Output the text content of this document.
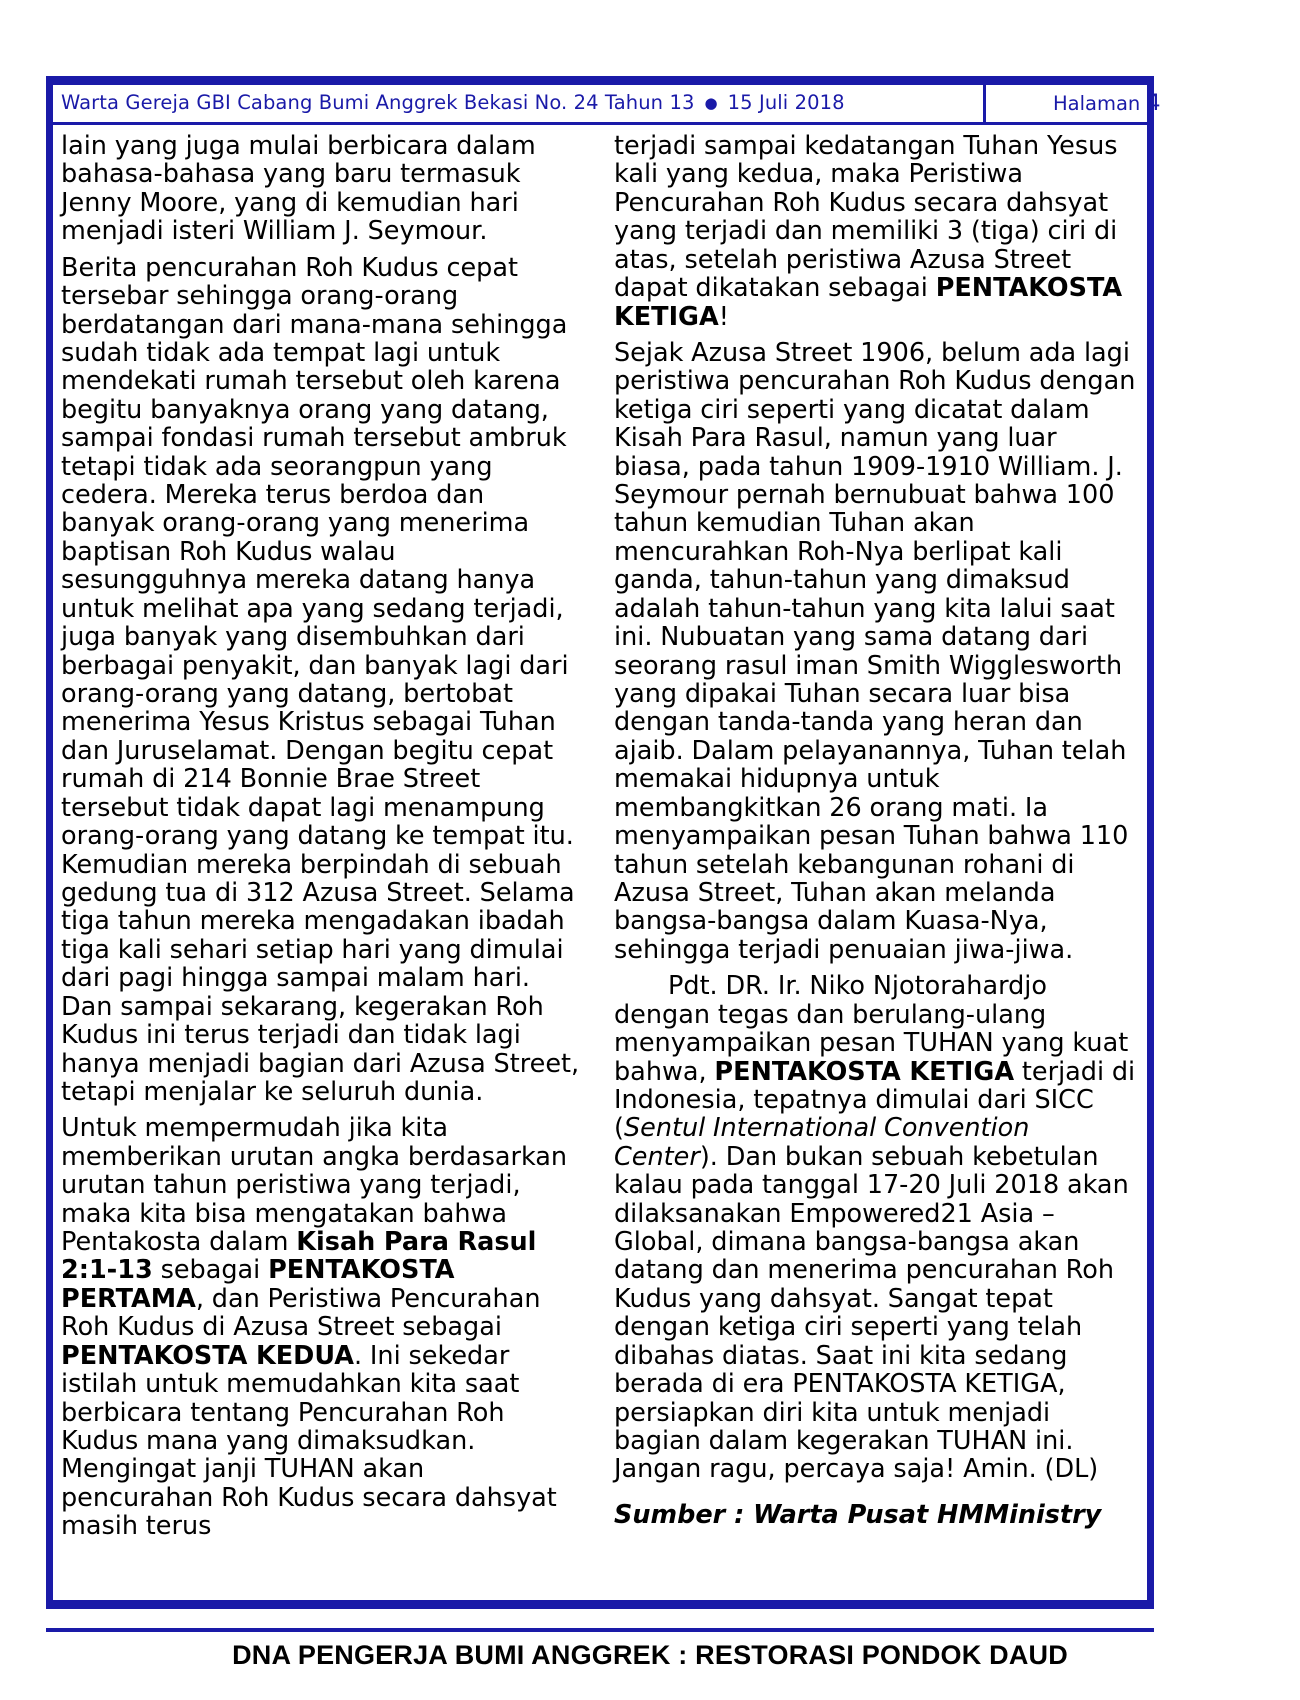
Warta Gereja GBI Cabang Bumi Anggrek Bekasi No. 24 Tahun 13 ● 15 Juli 2018	Halaman 4

lain yang juga mulai berbicara dalam bahasa-bahasa yang baru termasuk Jenny Moore, yang di kemudian hari menjadi isteri William J. Seymour.

Berita pencurahan Roh Kudus cepat tersebar sehingga orang-orang berdatangan dari mana-mana sehingga sudah tidak ada tempat lagi untuk mendekati rumah tersebut oleh karena begitu banyaknya orang yang datang, sampai fondasi rumah tersebut ambruk tetapi tidak ada seorangpun yang cedera. Mereka terus berdoa dan banyak orang-orang yang menerima baptisan Roh Kudus walau sesungguhnya mereka datang hanya untuk melihat apa yang sedang terjadi, juga banyak yang disembuhkan dari berbagai penyakit, dan banyak lagi dari orang-orang yang datang, bertobat menerima Yesus Kristus sebagai Tuhan dan Juruselamat. Dengan begitu cepat rumah di 214 Bonnie Brae Street tersebut tidak dapat lagi menampung orang-orang yang datang ke tempat itu. Kemudian mereka berpindah di sebuah gedung tua di 312 Azusa Street. Selama tiga tahun mereka mengadakan ibadah tiga kali sehari setiap hari yang dimulai dari pagi hingga sampai malam hari. Dan sampai sekarang, kegerakan Roh Kudus ini terus terjadi dan tidak lagi hanya menjadi bagian dari Azusa Street, tetapi menjalar ke seluruh dunia.

Untuk mempermudah jika kita memberikan urutan angka berdasarkan urutan tahun peristiwa yang terjadi, maka kita bisa mengatakan bahwa Pentakosta dalam Kisah Para Rasul 2:1-13 sebagai PENTAKOSTA PERTAMA, dan Peristiwa Pencurahan Roh Kudus di Azusa Street sebagai PENTAKOSTA KEDUA. Ini sekedar istilah untuk memudahkan kita saat berbicara tentang Pencurahan Roh Kudus mana yang dimaksudkan. Mengingat janji TUHAN akan pencurahan Roh Kudus secara dahsyat masih terus

terjadi sampai kedatangan Tuhan Yesus kali yang kedua, maka Peristiwa Pencurahan Roh Kudus secara dahsyat yang terjadi dan memiliki 3 (tiga) ciri di atas, setelah peristiwa Azusa Street dapat dikatakan sebagai PENTAKOSTA KETIGA!

Sejak Azusa Street 1906, belum ada lagi peristiwa pencurahan Roh Kudus dengan ketiga ciri seperti yang dicatat dalam Kisah Para Rasul, namun yang luar biasa, pada tahun 1909-1910 William. J. Seymour pernah bernubuat bahwa 100 tahun kemudian Tuhan akan mencurahkan Roh-Nya berlipat kali ganda, tahun-tahun yang dimaksud adalah tahun-tahun yang kita lalui saat ini. Nubuatan yang sama datang dari seorang rasul iman Smith Wigglesworth yang dipakai Tuhan secara luar bisa dengan tanda-tanda yang heran dan ajaib. Dalam pelayanannya, Tuhan telah memakai hidupnya untuk membangkitkan 26 orang mati. Ia menyampaikan pesan Tuhan bahwa 110 tahun setelah kebangunan rohani di Azusa Street, Tuhan akan melanda bangsa-bangsa dalam Kuasa-Nya, sehingga terjadi penuaian jiwa-jiwa.

Pdt. DR. Ir. Niko Njotorahardjo dengan tegas dan berulang-ulang menyampaikan pesan TUHAN yang kuat bahwa, PENTAKOSTA KETIGA terjadi di Indonesia, tepatnya dimulai dari SICC (Sentul International Convention Center). Dan bukan sebuah kebetulan kalau pada tanggal 17-20 Juli 2018 akan dilaksanakan Empowered21 Asia – Global, dimana bangsa-bangsa akan datang dan menerima pencurahan Roh Kudus yang dahsyat. Sangat tepat dengan ketiga ciri seperti yang telah dibahas diatas. Saat ini kita sedang berada di era PENTAKOSTA KETIGA, persiapkan diri kita untuk menjadi bagian dalam kegerakan TUHAN ini. Jangan ragu, percaya saja! Amin. (DL)

Sumber : Warta Pusat HMMinistry
DNA PENGERJA BUMI ANGGREK : RESTORASI PONDOK DAUD
